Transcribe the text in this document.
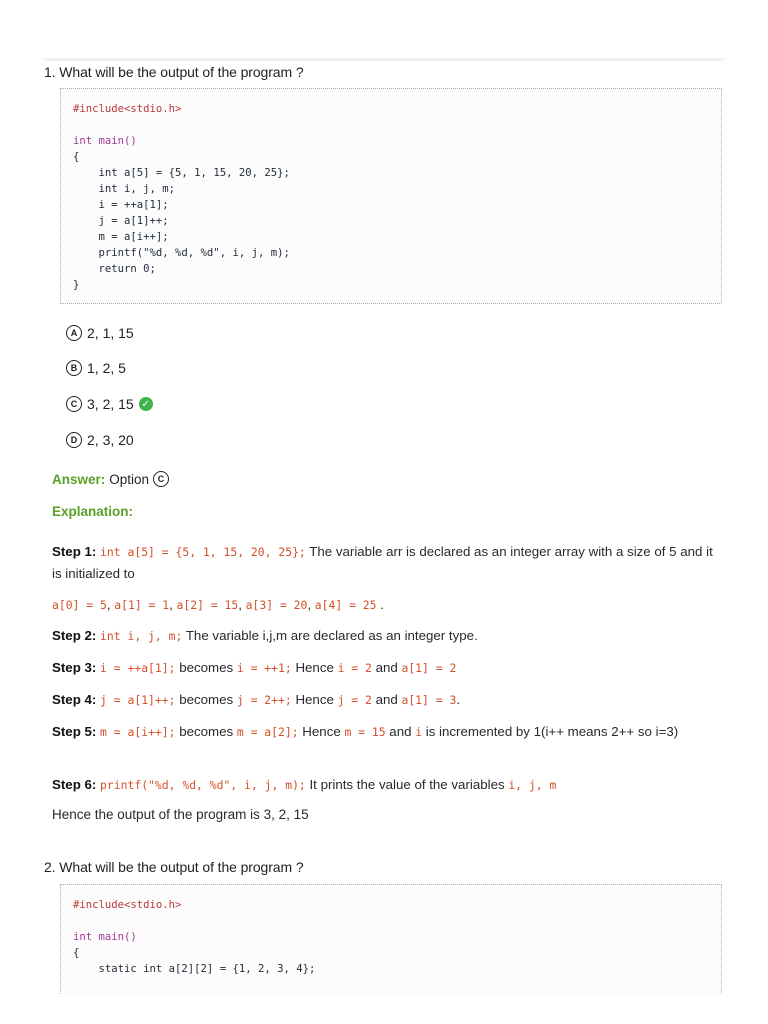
1. What will be the output of the program ?
#include<stdio.h>

int main()
{
int a[5] = {5, 1, 15, 20, 25};
int i, j, m;
i = ++a[1];
j = a[1]++;
m = a[i++];
printf("%d, %d, %d", i, j, m);
return 0;
}

A 2, 1, 15
B 1, 2, 5
C 3, 2, 15 ✓
D 2, 3, 20
Answer: Option C
Explanation:
Step 1: int a[5] = {5, 1, 15, 20, 25}; The variable arr is declared as an integer array with a size of 5 and it is initialized to
a[0] = 5, a[1] = 1, a[2] = 15, a[3] = 20, a[4] = 25 .
Step 2: int i, j, m; The variable i,j,m are declared as an integer type.
Step 3: i = ++a[1]; becomes i = ++1; Hence i = 2 and a[1] = 2
Step 4: j = a[1]++; becomes j = 2++; Hence j = 2 and a[1] = 3.
Step 5: m = a[i++]; becomes m = a[2]; Hence m = 15 and i is incremented by 1(i++ means 2++ so i=3)
Step 6: printf("%d, %d, %d", i, j, m); It prints the value of the variables i, j, m
Hence the output of the program is 3, 2, 15
2. What will be the output of the program ?
#include<stdio.h>

int main()
{
static int a[2][2] = {1, 2, 3, 4};
